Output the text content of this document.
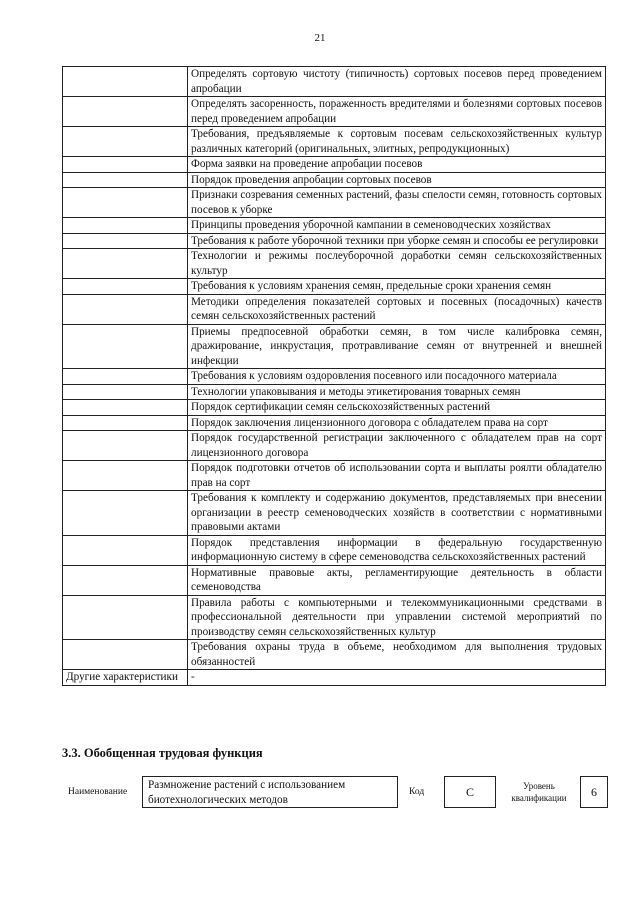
21
	Определять сортовую чистоту (типичность) сортовых посевов перед проведением апробации
	Определять засоренность, пораженность вредителями и болезнями сортовых посевов перед проведением апробации
	Требования, предъявляемые к сортовым посевам сельскохозяйственных культур различных категорий (оригинальных, элитных, репродукционных)
	Форма заявки на проведение апробации посевов
	Порядок проведения апробации сортовых посевов
	Признаки созревания семенных растений, фазы спелости семян, готовность сортовых посевов к уборке
	Принципы проведения уборочной кампании в семеноводческих хозяйствах
	Требования к работе уборочной техники при уборке семян и способы ее регулировки
	Технологии и режимы послеуборочной доработки семян сельскохозяйственных культур
	Требования к условиям хранения семян, предельные сроки хранения семян
	Методики определения показателей сортовых и посевных (посадочных) качеств семян сельскохозяйственных растений
	Приемы предпосевной обработки семян, в том числе калибровка семян, дражирование, инкрустация, протравливание семян от внутренней и внешней инфекции
	Требования к условиям оздоровления посевного или посадочного материала
	Технологии упаковывания и методы этикетирования товарных семян
	Порядок сертификации семян сельскохозяйственных растений
	Порядок заключения лицензионного договора с обладателем права на сорт
	Порядок государственной регистрации заключенного с обладателем прав на сорт лицензионного договора
	Порядок подготовки отчетов об использовании сорта и выплаты роялти обладателю прав на сорт
	Требования к комплекту и содержанию документов, представляемых при внесении организации в реестр семеноводческих хозяйств в соответствии с нормативными правовыми актами
	Порядок представления информации в федеральную государственную информационную систему в сфере семеноводства сельскохозяйственных растений
	Нормативные правовые акты, регламентирующие деятельность в области семеноводства
	Правила работы с компьютерными и телекоммуникационными средствами в профессиональной деятельности при управлении системой мероприятий по производству семян сельскохозяйственных культур
	Требования охраны труда в объеме, необходимом для выполнения трудовых обязанностей
Другие характеристики	-
3.3. Обобщенная трудовая функция
Наименование
Размножение растений с использованием биотехнологических методов
Код	С	Уровень квалификации	6
